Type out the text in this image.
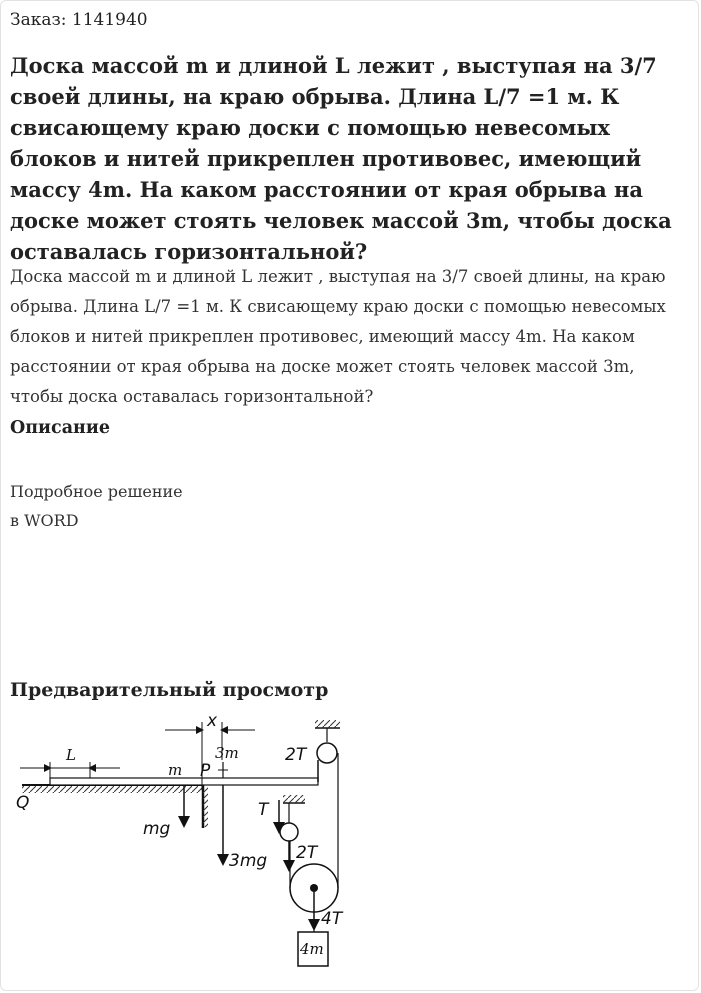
Заказ: 1141940
Доска массой m и длиной L лежит , выступая на 3/7 своей длины, на краю обрыва. Длина L/7 =1 м. К свисающему краю доски с помощью невесомых блоков и нитей прикреплен противовес, имеющий массу 4m. На каком расстоянии от края обрыва на доске может стоять человек массой 3m, чтобы доска оставалась горизонтальной?
Доска массой m и длиной L лежит , выступая на 3/7 своей длины, на краю обрыва. Длина L/7 =1 м. К свисающему краю доски с помощью невесомых блоков и нитей прикреплен противовес, имеющий массу 4m. На каком расстоянии от края обрыва на доске может стоять человек массой 3m, чтобы доска оставалась горизонтальной?
Описание
Подробное решение
в WORD
Предварительный просмотр
L
x
m P
3m
Q
mg
3mg
2T
T
2T
4T
4m
